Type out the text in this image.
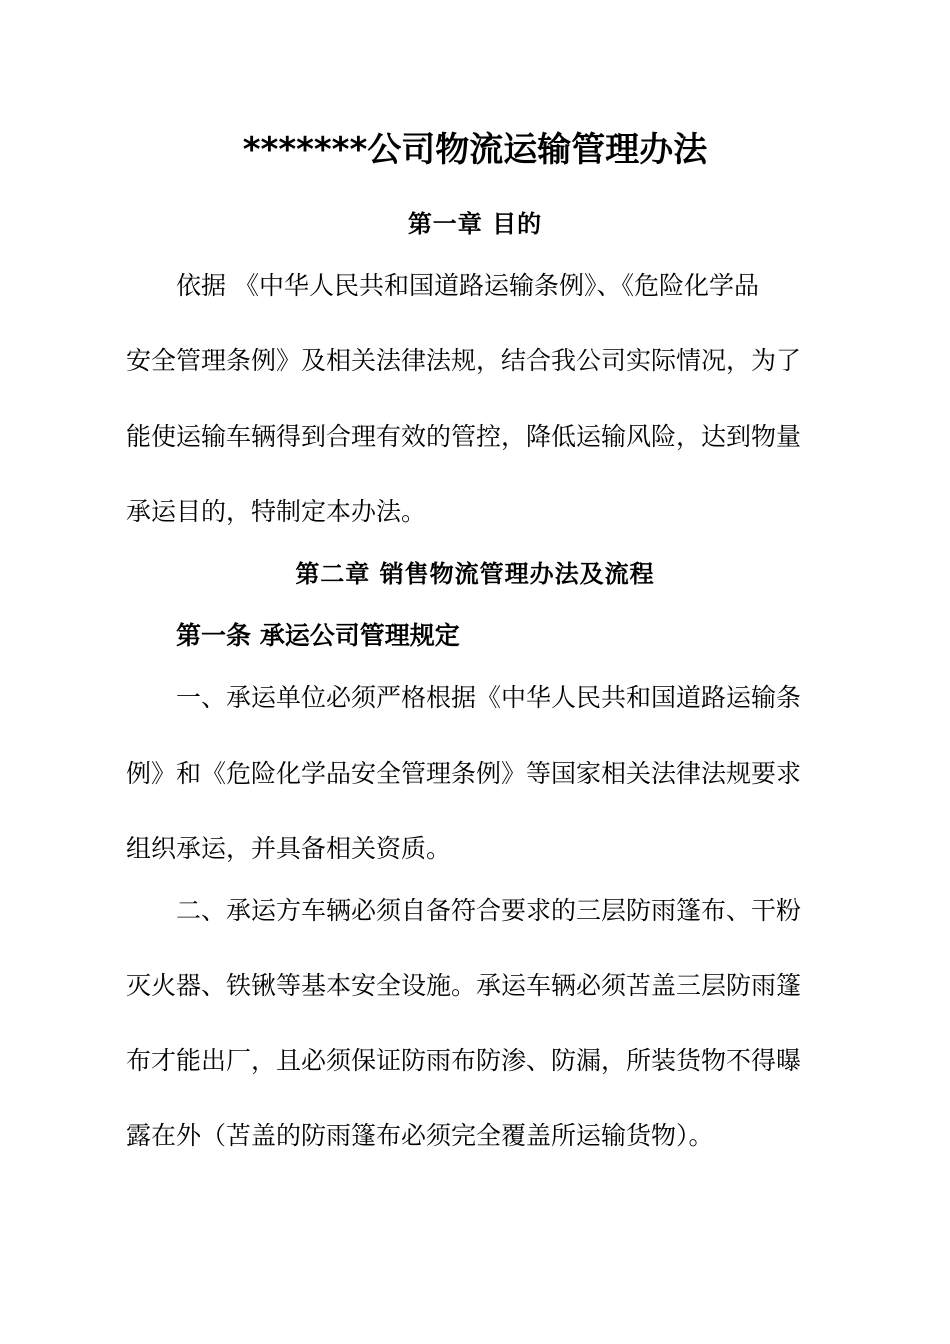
*******公司物流运输管理办法
第一章 目的
依据 《中华人民共和国道路运输条例》、《危险化学品
安全管理条例》及相关法律法规，结合我公司实际情况，为了
能使运输车辆得到合理有效的管控，降低运输风险，达到物量
承运目的，特制定本办法。
第二章 销售物流管理办法及流程
第一条 承运公司管理规定
一、承运单位必须严格根据《中华人民共和国道路运输条
例》和《危险化学品安全管理条例》等国家相关法律法规要求
组织承运，并具备相关资质。
二、承运方车辆必须自备符合要求的三层防雨篷布、干粉
灭火器、铁锹等基本安全设施。承运车辆必须苫盖三层防雨篷
布才能出厂，且必须保证防雨布防渗、防漏，所装货物不得曝
露在外（苫盖的防雨篷布必须完全覆盖所运输货物）。
